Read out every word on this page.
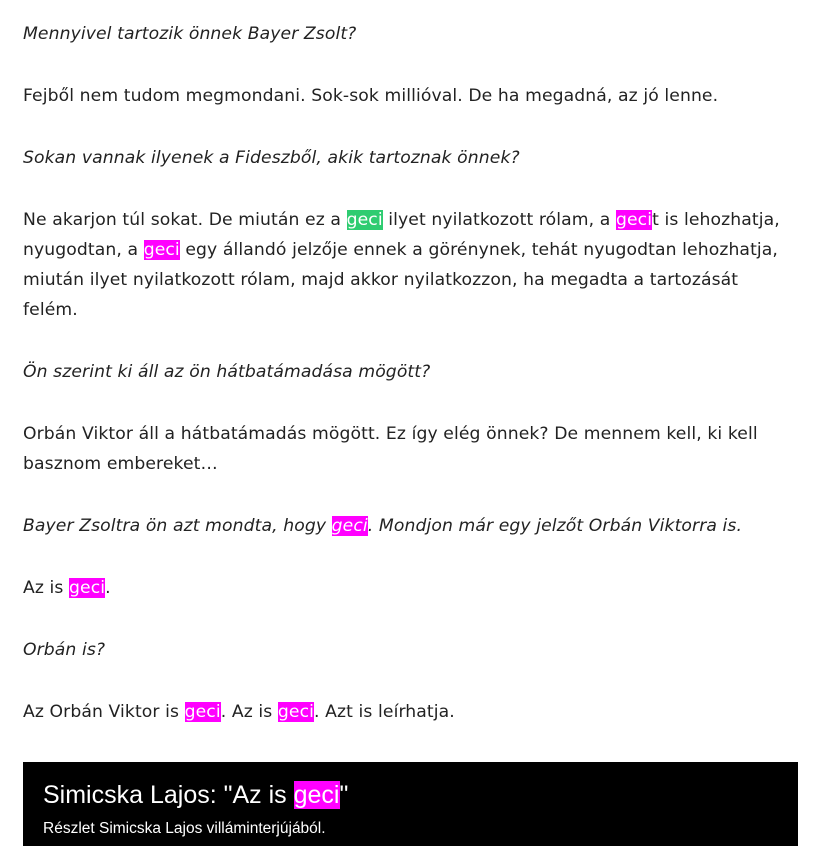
Mennyivel tartozik önnek Bayer Zsolt?

Fejből nem tudom megmondani. Sok-sok millióval. De ha megadná, az jó lenne.

Sokan vannak ilyenek a Fideszből, akik tartoznak önnek?

Ne akarjon túl sokat. De miután ez a geci ilyet nyilatkozott rólam, a gecit is lehozhatja, nyugodtan, a geci egy állandó jelzője ennek a görénynek, tehát nyugodtan lehozhatja, miután ilyet nyilatkozott rólam, majd akkor nyilatkozzon, ha megadta a tartozását felém.

Ön szerint ki áll az ön hátbatámadása mögött?

Orbán Viktor áll a hátbatámadás mögött. Ez így elég önnek? De mennem kell, ki kell basznom embereket…

Bayer Zsoltra ön azt mondta, hogy geci. Mondjon már egy jelzőt Orbán Viktorra is.

Az is geci.

Orbán is?

Az Orbán Viktor is geci. Az is geci. Azt is leírhatja.

Simicska Lajos: "Az is geci"
Részlet Simicska Lajos villáminterjújából.
